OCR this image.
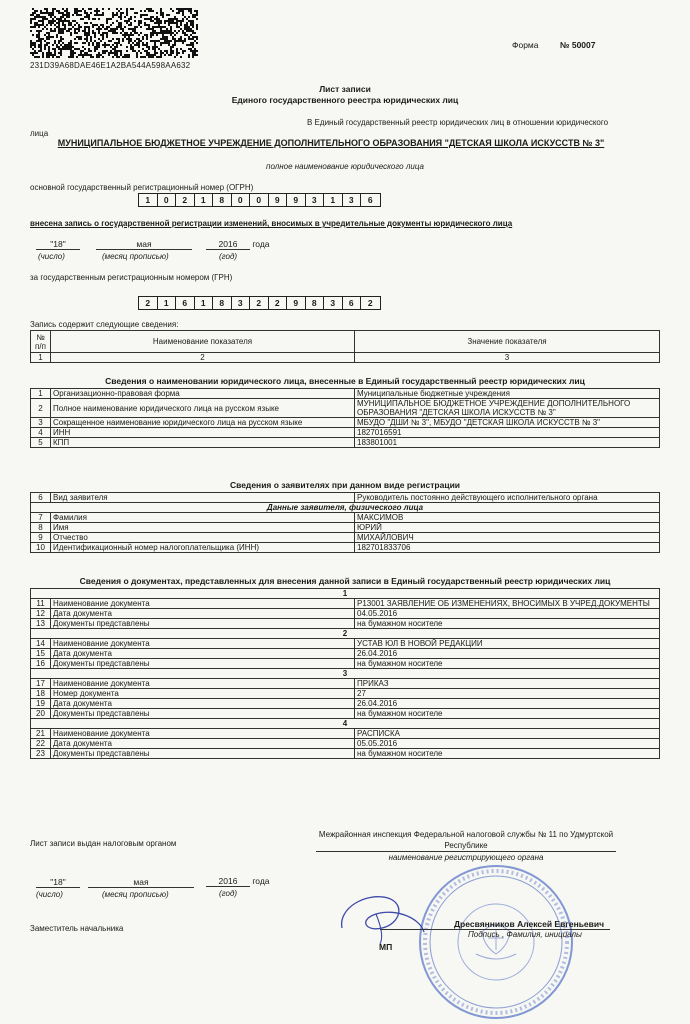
231D39A68DAE46E1A2BA544A598AA632
Форма	№ 50007
Лист записи
Единого государственного реестра юридических лиц
В Единый государственный реестр юридических лиц в отношении юридического
лица
МУНИЦИПАЛЬНОЕ БЮДЖЕТНОЕ УЧРЕЖДЕНИЕ ДОПОЛНИТЕЛЬНОГО ОБРАЗОВАНИЯ "ДЕТСКАЯ ШКОЛА ИСКУССТВ № 3"
полное наименование юридического лица
основной государственный регистрационный номер (ОГРН)
1	0	2	1	8	0	0	9	9	3	1	3	6
внесена запись о государственной регистрации изменений, вносимых в учредительные документы юридического лица
"18"	мая	2016 года
(число)	(месяц прописью)	(год)
за государственным регистрационным номером (ГРН)
2	1	6	1	8	3	2	2	9	8	3	6	2
Запись содержит следующие сведения:
№ п/п	Наименование показателя	Значение показателя
1	2	3
Сведения о наименовании юридического лица, внесенные в Единый государственный реестр юридических лиц
1	Организационно-правовая форма	Муниципальные бюджетные учреждения
2	Полное наименование юридического лица на русском языке	МУНИЦИПАЛЬНОЕ БЮДЖЕТНОЕ УЧРЕЖДЕНИЕ ДОПОЛНИТЕЛЬНОГО ОБРАЗОВАНИЯ "ДЕТСКАЯ ШКОЛА ИСКУССТВ № 3"
3	Сокращенное наименование юридического лица на русском языке	МБУДО "ДШИ № 3", МБУДО "ДЕТСКАЯ ШКОЛА ИСКУССТВ № 3"
4	ИНН	1827016591
5	КПП	183801001
Сведения о заявителях при данном виде регистрации
6	Вид заявителя	Руководитель постоянно действующего исполнительного органа
Данные заявителя, физического лица		
7	Фамилия	МАКСИМОВ
8	Имя	ЮРИЙ
9	Отчество	МИХАЙЛОВИЧ
10	Идентификационный номер налогоплательщика (ИНН)	182701833706
Сведения о документах, представленных для внесения данной записи в Единый государственный реестр юридических лиц
1		
11	Наименование документа	Р13001 ЗАЯВЛЕНИЕ ОБ ИЗМЕНЕНИЯХ, ВНОСИМЫХ В УЧРЕД.ДОКУМЕНТЫ
12	Дата документа	04.05.2016
13	Документы представлены	на бумажном носителе
2		
14	Наименование документа	УСТАВ ЮЛ В НОВОЙ РЕДАКЦИИ
15	Дата документа	26.04.2016
16	Документы представлены	на бумажном носителе
3		
17	Наименование документа	ПРИКАЗ
18	Номер документа	27
19	Дата документа	26.04.2016
20	Документы представлены	на бумажном носителе
4		
21	Наименование документа	РАСПИСКА
22	Дата документа	05.05.2016
23	Документы представлены	на бумажном носителе
Лист записи выдан налоговым органом
Межрайонная инспекция Федеральной налоговой службы № 11 по Удмуртской Республике
наименование регистрирующего органа
"18"	мая	2016 года
(число)	(месяц прописью)	(год)
Заместитель начальника	Дресвянников Алексей Евгеньевич
Подпись , Фамилия, инициалы
МП
